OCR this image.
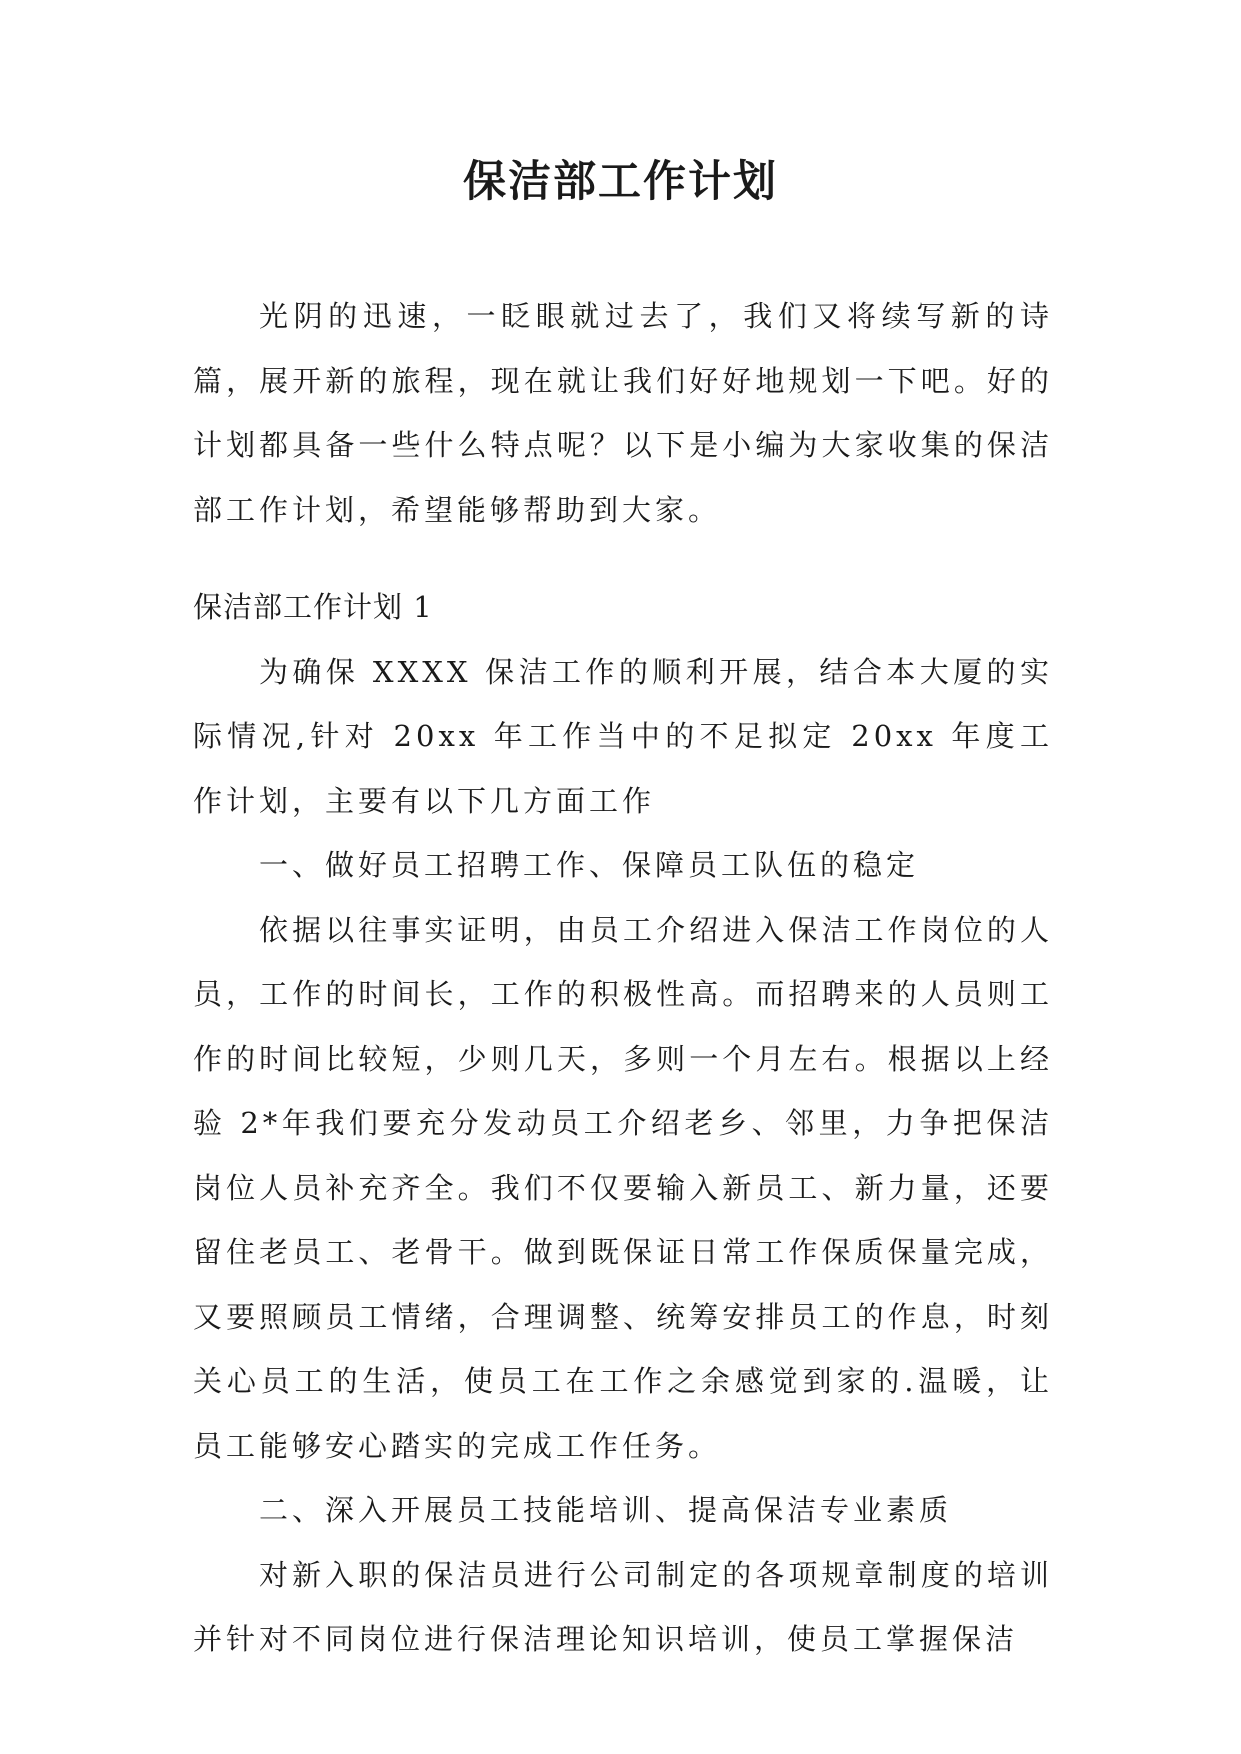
保洁部工作计划

光阴的迅速，一眨眼就过去了，我们又将续写新的诗篇，展开新的旅程，现在就让我们好好地规划一下吧。好的计划都具备一些什么特点呢？以下是小编为大家收集的保洁部工作计划，希望能够帮助到大家。

保洁部工作计划 1

为确保 XXXX 保洁工作的顺利开展，结合本大厦的实际情况,针对 20xx 年工作当中的不足拟定 20xx 年度工作计划，主要有以下几方面工作

一、做好员工招聘工作、保障员工队伍的稳定

依据以往事实证明，由员工介绍进入保洁工作岗位的人员，工作的时间长，工作的积极性高。而招聘来的人员则工作的时间比较短，少则几天，多则一个月左右。根据以上经验 2*年我们要充分发动员工介绍老乡、邻里，力争把保洁岗位人员补充齐全。我们不仅要输入新员工、新力量，还要留住老员工、老骨干。做到既保证日常工作保质保量完成，又要照顾员工情绪，合理调整、统筹安排员工的作息，时刻关心员工的生活，使员工在工作之余感觉到家的.温暖，让员工能够安心踏实的完成工作任务。

二、深入开展员工技能培训、提高保洁专业素质

对新入职的保洁员进行公司制定的各项规章制度的培训并针对不同岗位进行保洁理论知识培训，使员工掌握保洁
